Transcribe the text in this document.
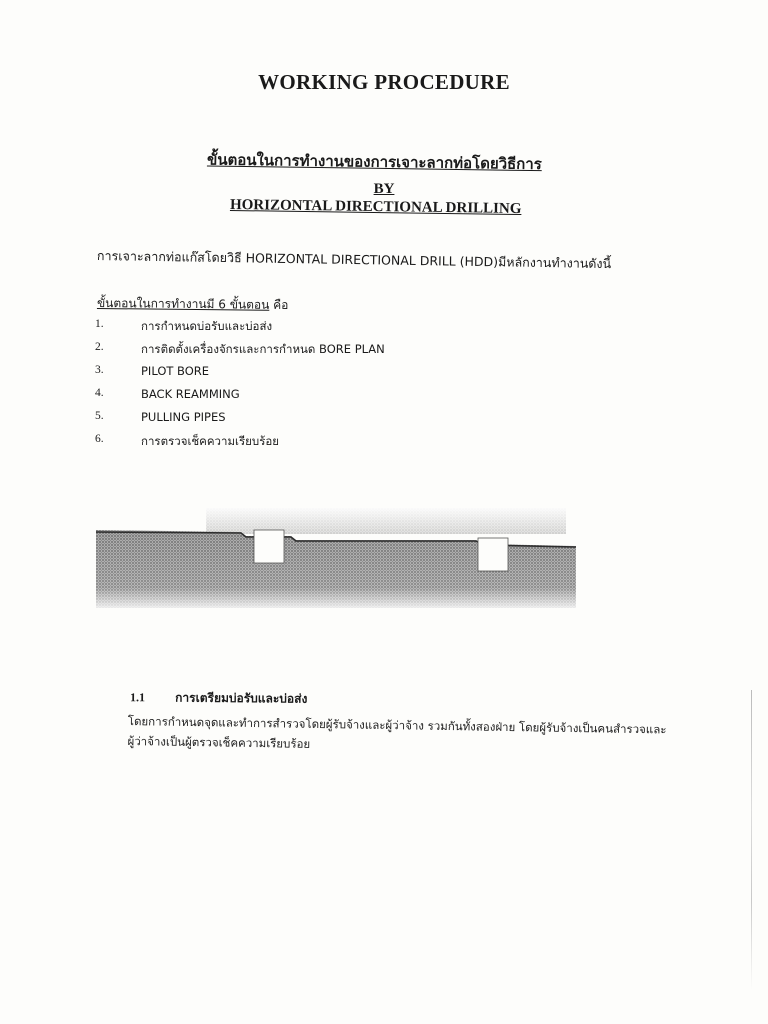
WORKING PROCEDURE
ขั้นตอนในการทำงานของการเจาะลากท่อโดยวิธีการ
BY
HORIZONTAL DIRECTIONAL DRILLING
การเจาะลากท่อแก๊สโดยวิธี HORIZONTAL DIRECTIONAL DRILL (HDD)มีหลักงานทำงานดังนี้
ขั้นตอนในการทำงานมี 6 ขั้นตอน คือ
1.	การกำหนดบ่อรับและบ่อส่ง
2.	การติดตั้งเครื่องจักรและการกำหนด BORE PLAN
3.	PILOT BORE
4.	BACK REAMMING
5.	PULLING PIPES
6.	การตรวจเช็คความเรียบร้อย
1.1	การเตรียมบ่อรับและบ่อส่ง
โดยการกำหนดจุดและทำการสำรวจโดยผู้รับจ้างและผู้ว่าจ้าง รวมกันทั้งสองฝ่าย โดยผู้รับจ้างเป็นคนสำรวจและผู้ว่าจ้างเป็นผู้ตรวจเช็คความเรียบร้อย
